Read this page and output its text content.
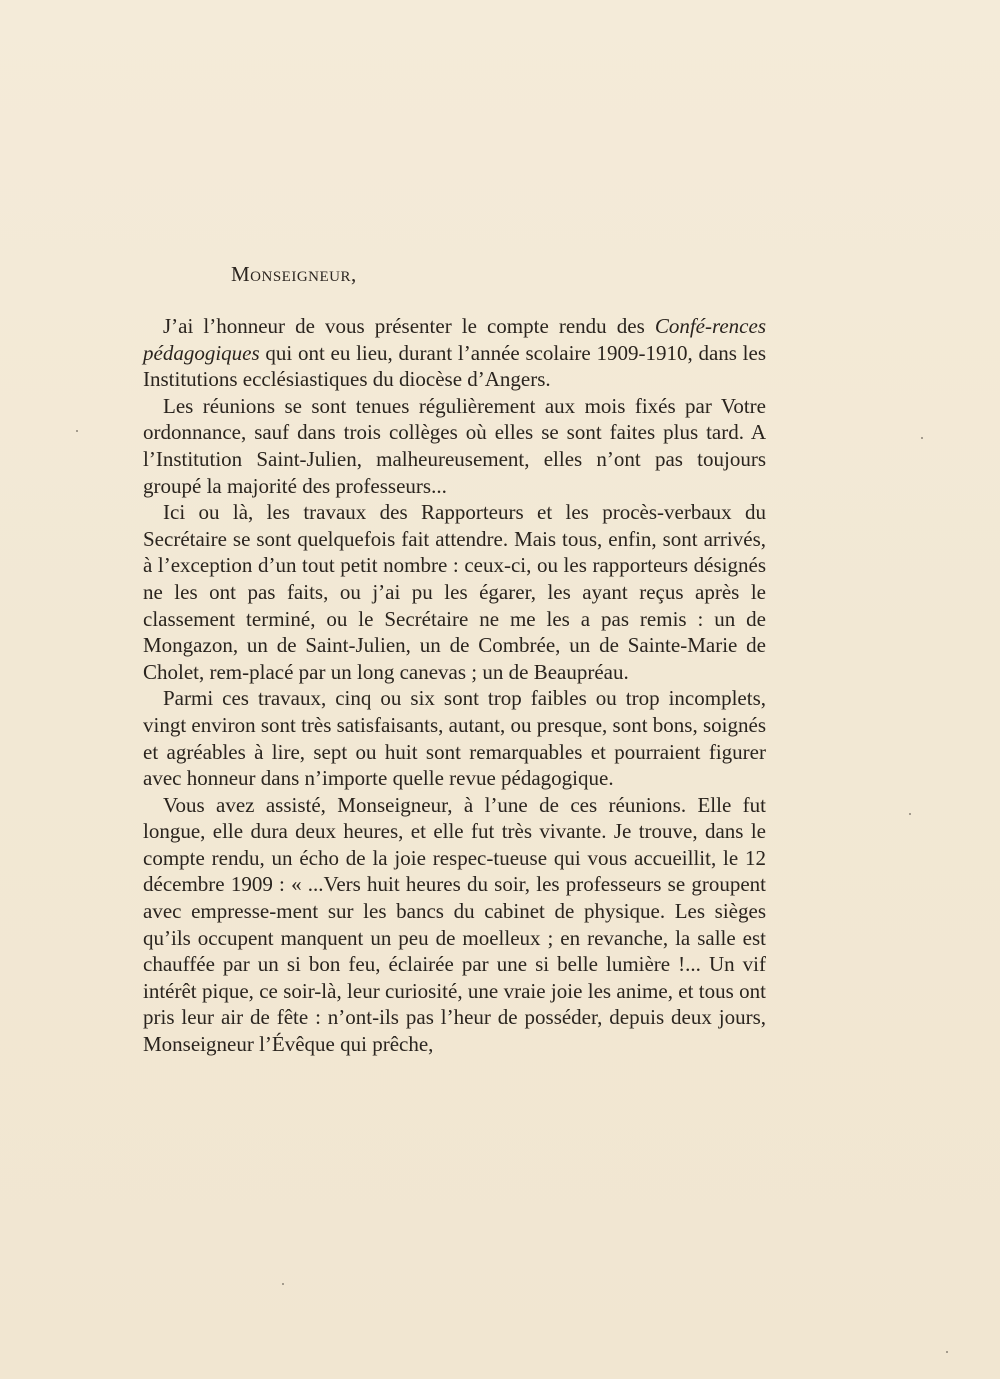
Monseigneur,

J’ai l’honneur de vous présenter le compte rendu des Confé-rences pédagogiques qui ont eu lieu, durant l’année scolaire 1909-1910, dans les Institutions ecclésiastiques du diocèse d’Angers.

Les réunions se sont tenues régulièrement aux mois fixés par Votre ordonnance, sauf dans trois collèges où elles se sont faites plus tard. A l’Institution Saint-Julien, malheureusement, elles n’ont pas toujours groupé la majorité des professeurs...

Ici ou là, les travaux des Rapporteurs et les procès-verbaux du Secrétaire se sont quelquefois fait attendre. Mais tous, enfin, sont arrivés, à l’exception d’un tout petit nombre : ceux-ci, ou les rapporteurs désignés ne les ont pas faits, ou j’ai pu les égarer, les ayant reçus après le classement terminé, ou le Secrétaire ne me les a pas remis : un de Mongazon, un de Saint-Julien, un de Combrée, un de Sainte-Marie de Cholet, rem-placé par un long canevas ; un de Beaupréau.

Parmi ces travaux, cinq ou six sont trop faibles ou trop incomplets, vingt environ sont très satisfaisants, autant, ou presque, sont bons, soignés et agréables à lire, sept ou huit sont remarquables et pourraient figurer avec honneur dans n’importe quelle revue pédagogique.

Vous avez assisté, Monseigneur, à l’une de ces réunions. Elle fut longue, elle dura deux heures, et elle fut très vivante. Je trouve, dans le compte rendu, un écho de la joie respec-tueuse qui vous accueillit, le 12 décembre 1909 : « ...Vers huit heures du soir, les professeurs se groupent avec empresse-ment sur les bancs du cabinet de physique. Les sièges qu’ils occupent manquent un peu de moelleux ; en revanche, la salle est chauffée par un si bon feu, éclairée par une si belle lumière !... Un vif intérêt pique, ce soir-là, leur curiosité, une vraie joie les anime, et tous ont pris leur air de fête : n’ont-ils pas l’heur de posséder, depuis deux jours, Monseigneur l’Évêque qui prêche,
